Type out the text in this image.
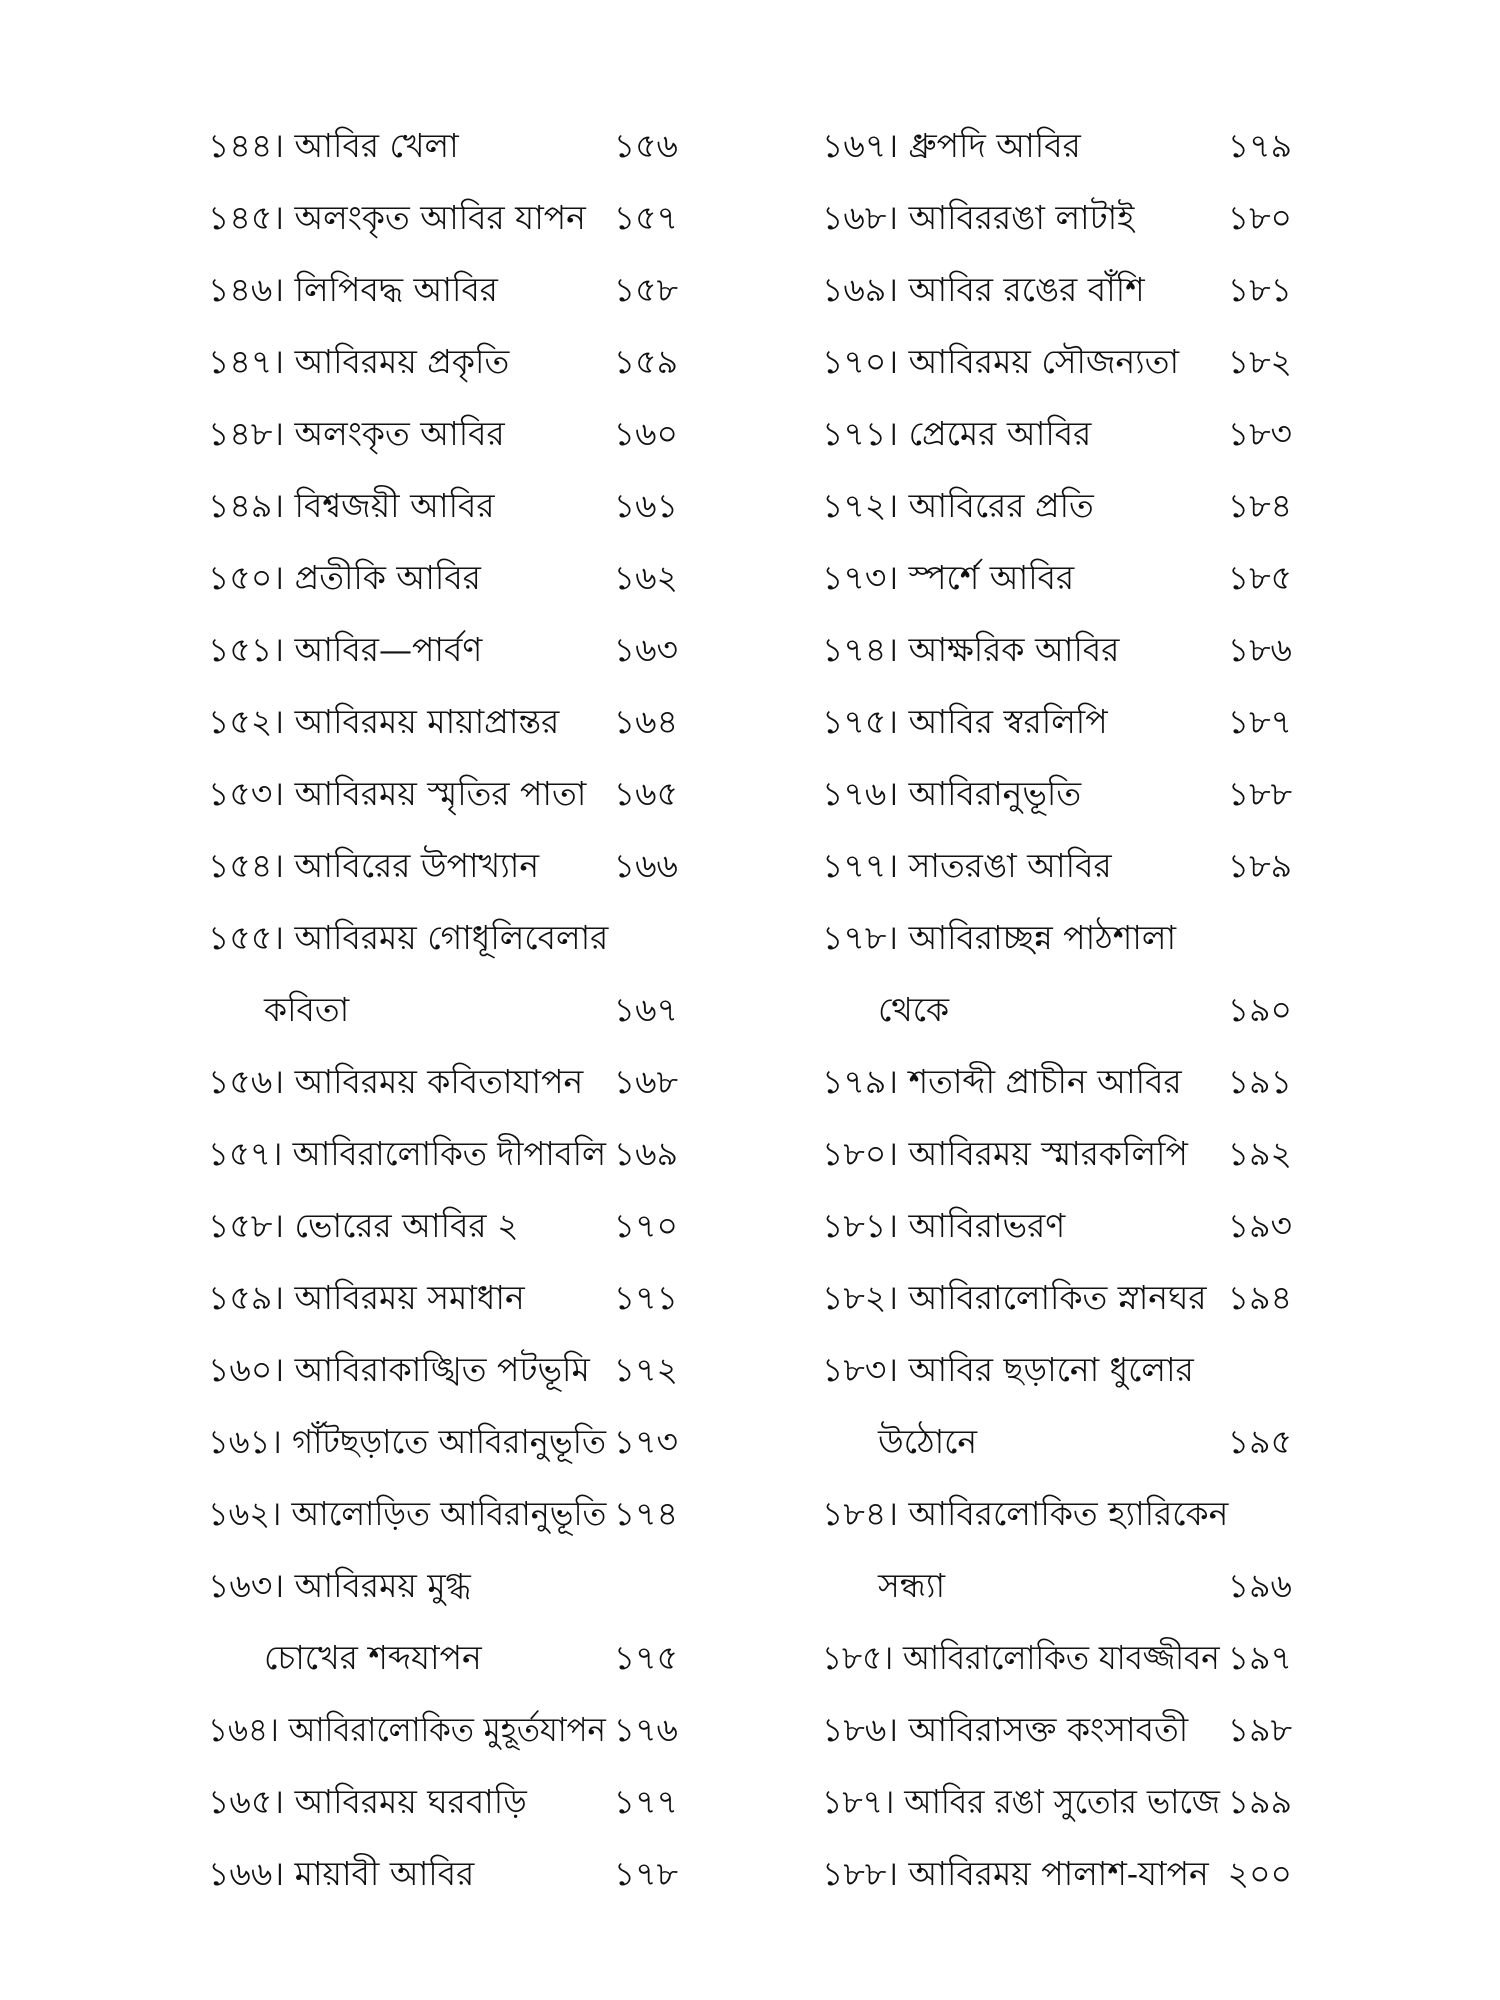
১৪৪। আবির খেলা	১৫৬
১৪৫। অলংকৃত আবির যাপন ১৫৭
১৪৬। লিপিবদ্ধ আবির	১৫৮
১৪৭। আবিরময় প্রকৃতি	১৫৯
১৪৮। অলংকৃত আবির	১৬০
১৪৯। বিশ্বজয়ী আবির	১৬১
১৫০। প্রতীকি আবির	১৬২
১৫১। আবির—পার্বণ	১৬৩
১৫২। আবিরময় মায়াপ্রান্তর ১৬৪
১৫৩। আবিরময় স্মৃতির পাতা ১৬৫
১৫৪। আবিরের উপাখ্যান ১৬৬
১৫৫। আবিরময় গোধূলিবেলার
কবিতা	১৬৭
১৫৬। আবিরময় কবিতাযাপন ১৬৮
১৫৭। আবিরালোকিত দীপাবলি ১৬৯
১৫৮। ভোরের আবির ২	১৭০
১৫৯। আবিরময় সমাধান	১৭১
১৬০। আবিরাকাঙ্খিত পটভূমি ১৭২
১৬১। গাঁটছড়াতে আবিরানুভূতি ১৭৩
১৬২। আলোড়িত আবিরানুভূতি ১৭৪
১৬৩। আবিরময় মুগ্ধ
চোখের শব্দযাপন	১৭৫
১৬৪। আবিরালোকিত মুহূর্তযাপন ১৭৬
১৬৫। আবিরময় ঘরবাড়ি	১৭৭
১৬৬। মায়াবী আবির	১৭৮
১৬৭। ধ্রুপদি আবির	১৭৯
১৬৮। আবিররঙা লাটাই	১৮০
১৬৯। আবির রঙের বাঁশি	১৮১
১৭০। আবিরময় সৌজন্যতা ১৮২
১৭১। প্রেমের আবির	১৮৩
১৭২। আবিরের প্রতি	১৮৪
১৭৩। স্পর্শে আবির	১৮৫
১৭৪। আক্ষরিক আবির	১৮৬
১৭৫। আবির স্বরলিপি	১৮৭
১৭৬। আবিরানুভূতি	১৮৮
১৭৭। সাতরঙা আবির	১৮৯
১৭৮। আবিরাচ্ছন্ন পাঠশালা
থেকে	১৯০
১৭৯। শতাব্দী প্রাচীন আবির ১৯১
১৮০। আবিরময় স্মারকলিপি ১৯২
১৮১। আবিরাভরণ	১৯৩
১৮২। আবিরালোকিত স্নানঘর ১৯৪
১৮৩। আবির ছড়ানো ধুলোর
উঠোনে	১৯৫
১৮৪। আবিরলোকিত হ্যারিকেন
সন্ধ্যা	১৯৬
১৮৫। আবিরালোকিত যাবজ্জীবন ১৯৭
১৮৬। আবিরাসক্ত কংসাবতী ১৯৮
১৮৭। আবির রঙা সুতোর ভাজে ১৯৯
১৮৮। আবিরময় পালাশ-যাপন ২০০
